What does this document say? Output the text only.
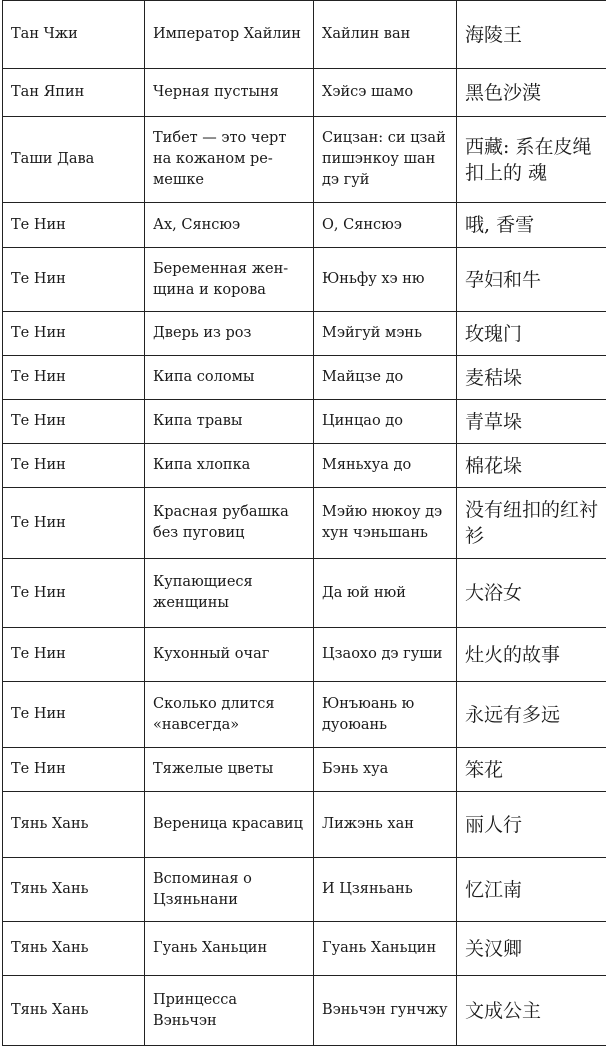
Тан Чжи	Император Хайлин	Хайлин ван	海陵王
Тан Япин	Черная пустыня	Хэйсэ шамо	黑色沙漠
Таши Дава	Тибет — это черт на кожаном ре-мешке	Сицзан: си цзай пишэнкоу шан дэ гуй	西藏: 系在皮绳扣上的 魂
Те Нин	Ах, Сянсюэ	О, Сянсюэ	哦, 香雪
Те Нин	Беременная жен-щина и корова	Юньфу хэ ню	孕妇和牛
Те Нин	Дверь из роз	Мэйгуй мэнь	玫瑰门
Те Нин	Кипа соломы	Майцзе до	麦秸垛
Те Нин	Кипа травы	Цинцао до	青草垛
Те Нин	Кипа хлопка	Мяньхуа до	棉花垛
Те Нин	Красная рубашка без пуговиц	Мэйю нюкоу дэ хун чэньшань	没有纽扣的红衬衫
Те Нин	Купающиеся женщины	Да юй нюй	大浴女
Те Нин	Кухонный очаг	Цзаохо дэ гуши	灶火的故事
Те Нин	Сколько длится «навсегда»	Юнъюань ю дуоюань	永远有多远
Те Нин	Тяжелые цветы	Бэнь хуа	笨花
Тянь Хань	Вереница красавиц	Лижэнь хан	丽人行
Тянь Хань	Вспоминая о Цзяньнани	И Цзяньань	忆江南
Тянь Хань	Гуань Ханьцин	Гуань Ханьцин	关汉卿
Тянь Хань	Принцесса Вэньчэн	Вэньчэн гунчжу	文成公主
